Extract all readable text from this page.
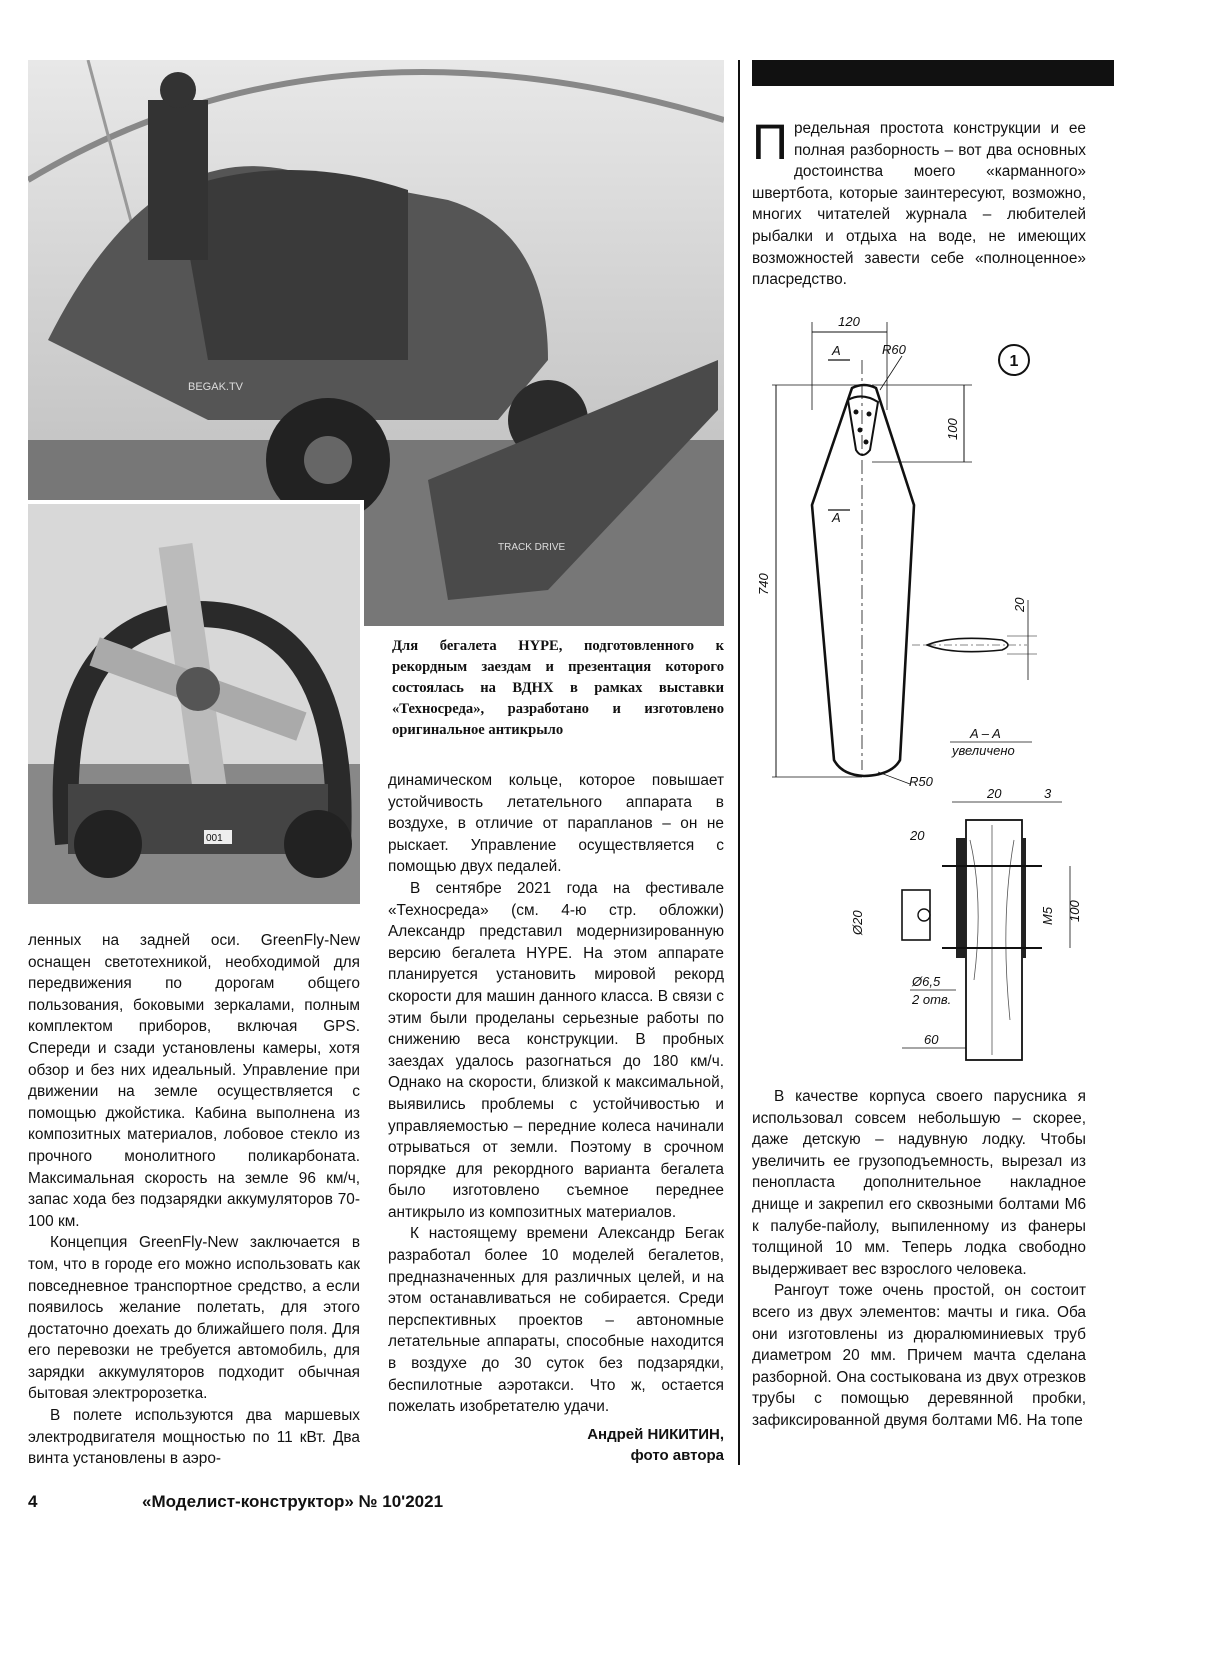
BEGAK.TV
TRACK DRIVE
001
Для бегалета HYPE, подготовленного к рекордным заездам и презентация которого состоялась на ВДНХ в рамках выставки «Техносреда», разработано и изготовлено оригинальное антикрыло

ленных на задней оси. GreenFly-New оснащен светотехникой, необходимой для передвижения по дорогам общего пользования, боковыми зеркалами, полным комплектом приборов, включая GPS. Спереди и сзади установлены камеры, хотя обзор и без них идеальный. Управление при движении на земле осуществляется с помощью джойстика. Кабина выполнена из композитных материалов, лобовое стекло из прочного монолитного поликарбоната. Максимальная скорость на земле 96 км/ч, запас хода без подзарядки аккумуляторов 70-100 км.

Концепция GreenFly-New заключается в том, что в городе его можно использовать как повседневное транспортное средство, а если появилось желание полетать, для этого достаточно доехать до ближайшего поля. Для его перевозки не требуется автомобиль, для зарядки аккумуляторов подходит обычная бытовая электророзетка.

В полете используются два маршевых электродвигателя мощностью по 11 кВт. Два винта установлены в аэро-

динамическом кольце, которое повышает устойчивость летательного аппарата в воздухе, в отличие от парапланов – он не рыскает. Управление осуществляется с помощью двух педалей.

В сентябре 2021 года на фестивале «Техносреда» (см. 4-ю стр. обложки) Александр представил модернизированную версию бегалета HYPE. На этом аппарате планируется установить мировой рекорд скорости для машин данного класса. В связи с этим были проделаны серьезные работы по снижению веса конструкции. В пробных заездах удалось разогнаться до 180 км/ч. Однако на скорости, близкой к максимальной, выявились проблемы с устойчивостью и управляемостью – передние колеса начинали отрываться от земли. Поэтому в срочном порядке для рекордного варианта бегалета было изготовлено съемное переднее антикрыло из композитных материалов.

К настоящему времени Александр Бегак разработал более 10 моделей бегалетов, предназначенных для различных целей, и на этом останавливаться не собирается. Среди перспективных проектов – автономные летательные аппараты, способные находится в воздухе до 30 суток без подзарядки, беспилотные аэротакси. Что ж, остается пожелать изобретателю удачи.

Андрей НИКИТИН,
фото автора
Предельная простота конструкции и ее полная разборность – вот два основных достоинства моего «карманного» швертбота, которые заинтересуют, возможно, многих читателей журнала – любителей рыбалки и отдыха на воде, не имеющих возможностей завести себе «полноценное» пласредство.
1
120
A
A
R60
100
740
20
A – A
увеличено
R50
20	3
20
Ø20	M5 100
Ø6,5
2 отв.
60

В качестве корпуса своего парусника я использовал совсем небольшую – скорее, даже детскую – надувную лодку. Чтобы увеличить ее грузоподъемность, вырезал из пенопласта дополнительное накладное днище и закрепил его сквозными болтами М6 к палубе-пайолу, выпиленному из фанеры толщиной 10 мм. Теперь лодка свободно выдерживает вес взрослого человека.

Рангоут тоже очень простой, он состоит всего из двух элементов: мачты и гика. Оба они изготовлены из дюралюминиевых труб диаметром 20 мм. Причем мачта сделана разборной. Она состыкована из двух отрезков трубы с помощью деревянной пробки, зафиксированной двумя болтами М6. На топе

4	«Моделист-конструктор» № 10'2021
